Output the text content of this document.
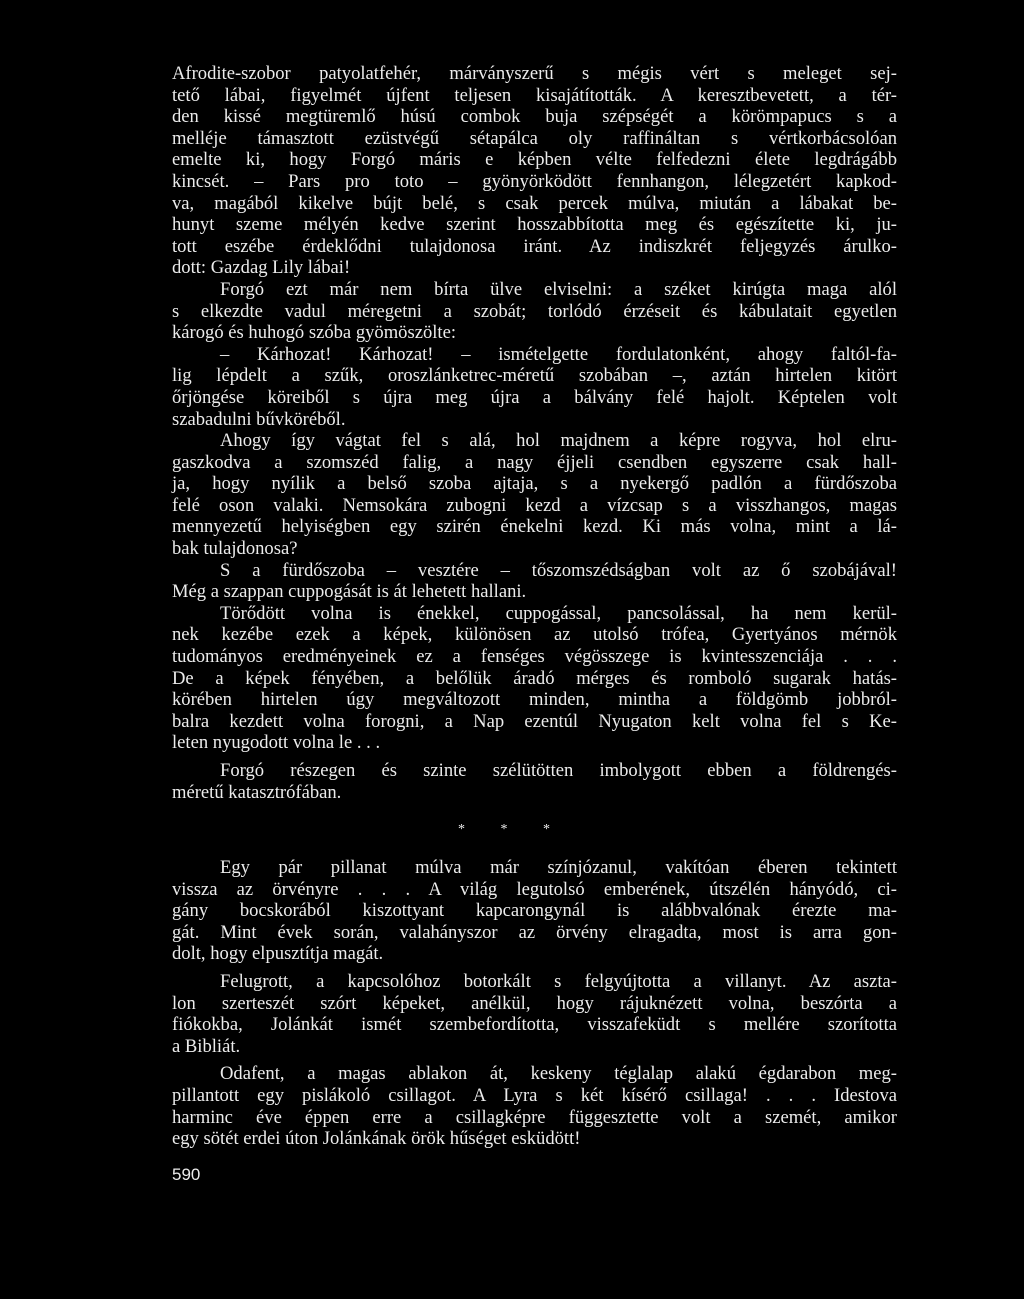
Afrodite-szobor patyolatfehér, márványszerű s mégis vért s meleget sej-
tető lábai, figyelmét újfent teljesen kisajátították. A keresztbevetett, a tér-
den kissé megtüremlő húsú combok buja szépségét a körömpapucs s a
melléje támasztott ezüstvégű sétapálca oly raffináltan s vértkorbácsolóan
emelte ki, hogy Forgó máris e képben vélte felfedezni élete legdrágább
kincsét. – Pars pro toto – gyönyörködött fennhangon, lélegzetért kapkod-
va, magából kikelve bújt belé, s csak percek múlva, miután a lábakat be-
hunyt szeme mélyén kedve szerint hosszabbította meg és egészítette ki, ju-
tott eszébe érdeklődni tulajdonosa iránt. Az indiszkrét feljegyzés árulko-
dott: Gazdag Lily lábai!
Forgó ezt már nem bírta ülve elviselni: a széket kirúgta maga alól
s elkezdte vadul méregetni a szobát; torlódó érzéseit és kábulatait egyetlen
károgó és huhogó szóba gyömöszölte:
– Kárhozat! Kárhozat! – ismételgette fordulatonként, ahogy faltól-fa-
lig lépdelt a szűk, oroszlánketrec-méretű szobában –, aztán hirtelen kitört
őrjöngése köreiből s újra meg újra a bálvány felé hajolt. Képtelen volt
szabadulni bűvköréből.
Ahogy így vágtat fel s alá, hol majdnem a képre rogyva, hol elru-
gaszkodva a szomszéd falig, a nagy éjjeli csendben egyszerre csak hall-
ja, hogy nyílik a belső szoba ajtaja, s a nyekergő padlón a fürdőszoba
felé oson valaki. Nemsokára zubogni kezd a vízcsap s a visszhangos, magas
mennyezetű helyiségben egy szirén énekelni kezd. Ki más volna, mint a lá-
bak tulajdonosa?
S a fürdőszoba – vesztére – tőszomszédságban volt az ő szobájával!
Még a szappan cuppogását is át lehetett hallani.
Törődött volna is énekkel, cuppogással, pancsolással, ha nem kerül-
nek kezébe ezek a képek, különösen az utolsó trófea, Gyertyános mérnök
tudományos eredményeinek ez a fenséges végösszege is kvintesszenciája . . .
De a képek fényében, a belőlük áradó mérges és romboló sugarak hatás-
körében hirtelen úgy megváltozott minden, mintha a földgömb jobbról-
balra kezdett volna forogni, a Nap ezentúl Nyugaton kelt volna fel s Ke-
leten nyugodott volna le . . .
Forgó részegen és szinte szélütötten imbolygott ebben a földrengés-
méretű katasztrófában.
* * *
Egy pár pillanat múlva már színjózanul, vakítóan éberen tekintett
vissza az örvényre . . . A világ legutolsó emberének, útszélén hányódó, ci-
gány bocskorából kiszottyant kapcarongynál is alábbvalónak érezte ma-
gát. Mint évek során, valahányszor az örvény elragadta, most is arra gon-
dolt, hogy elpusztítja magát.
Felugrott, a kapcsolóhoz botorkált s felgyújtotta a villanyt. Az aszta-
lon szerteszét szórt képeket, anélkül, hogy rájuknézett volna, beszórta a
fiókokba, Jolánkát ismét szembefordította, visszafeküdt s mellére szorította
a Bibliát.
Odafent, a magas ablakon át, keskeny téglalap alakú égdarabon meg-
pillantott egy pislákoló csillagot. A Lyra s két kísérő csillaga! . . . Idestova
harminc éve éppen erre a csillagképre függesztette volt a szemét, amikor
egy sötét erdei úton Jolánkának örök hűséget esküdött!
590
